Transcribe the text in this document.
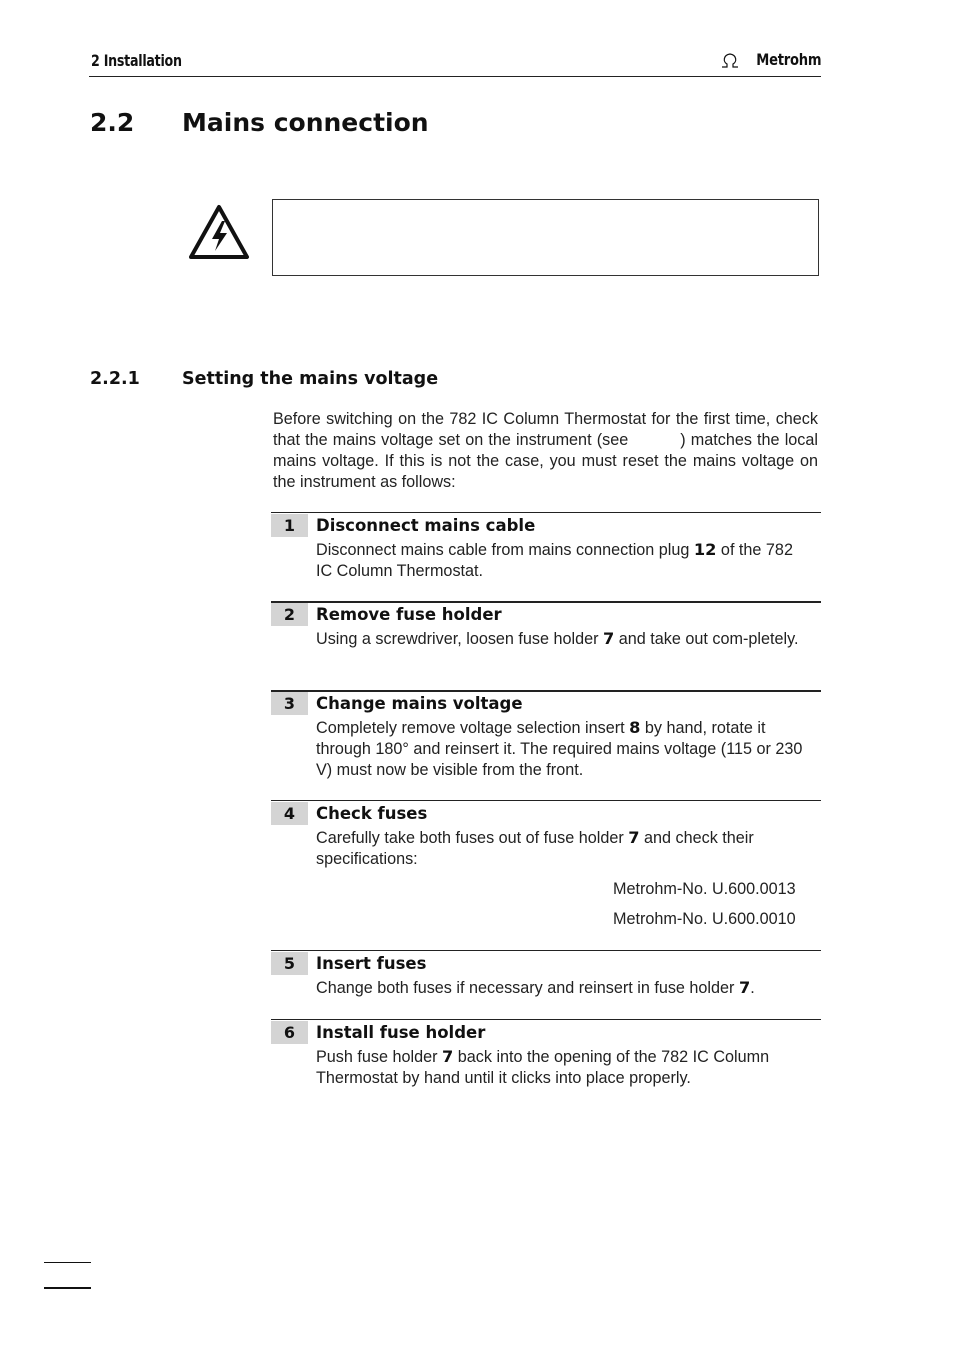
2 Installation	Metrohm
2.2 Mains connection
2.2.1 Setting the mains voltage
Before switching on the 782 IC Column Thermostat for the first time, check that the mains voltage set on the instrument (see	) matches the local mains voltage. If this is not the case, you must reset the mains voltage on the instrument as follows:
1	Disconnect mains cable
Disconnect mains cable from mains connection plug 12 of the 782 IC Column Thermostat.
2	Remove fuse holder
Using a screwdriver, loosen fuse holder 7 and take out com-pletely.
3	Change mains voltage
Completely remove voltage selection insert 8 by hand, rotate it through 180° and reinsert it. The required mains voltage (115 or 230 V) must now be visible from the front.
4	Check fuses
Carefully take both fuses out of fuse holder 7 and check their specifications:
Metrohm-No. U.600.0013
Metrohm-No. U.600.0010
5	Insert fuses
Change both fuses if necessary and reinsert in fuse holder 7.
6	Install fuse holder
Push fuse holder 7 back into the opening of the 782 IC Column Thermostat by hand until it clicks into place properly.
